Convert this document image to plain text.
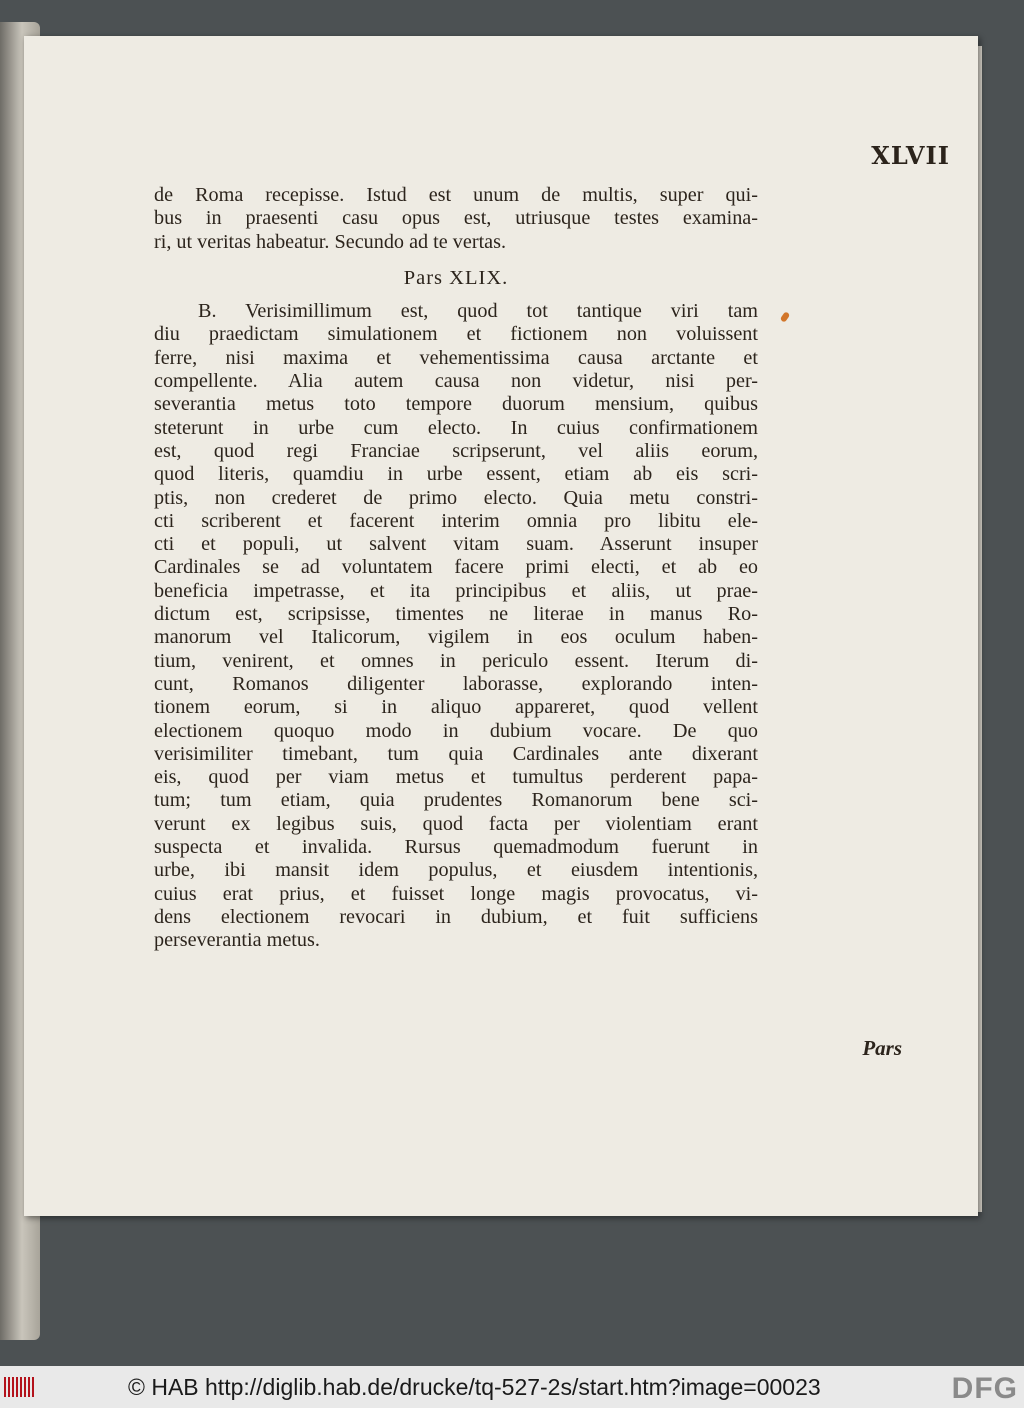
XLVII
de Roma recepisse. Istud est unum de multis, super qui-
bus in praesenti casu opus est, utriusque testes examina-
ri, ut veritas habeatur. Secundo ad te vertas.
Pars XLIX.
B. Verisimillimum est, quod tot tantique viri tam
diu praedictam simulationem et fictionem non voluissent
ferre, nisi maxima et vehementissima causa arctante et
compellente. Alia autem causa non videtur, nisi per-
severantia metus toto tempore duorum mensium, quibus
steterunt in urbe cum electo. In cuius confirmationem
est, quod regi Franciae scripserunt, vel aliis eorum,
quod literis, quamdiu in urbe essent, etiam ab eis scri-
ptis, non crederet de primo electo. Quia metu constri-
cti scriberent et facerent interim omnia pro libitu ele-
cti et populi, ut salvent vitam suam. Asserunt insuper
Cardinales se ad voluntatem facere primi electi, et ab eo
beneficia impetrasse, et ita principibus et aliis, ut prae-
dictum est, scripsisse, timentes ne literae in manus Ro-
manorum vel Italicorum, vigilem in eos oculum haben-
tium, venirent, et omnes in periculo essent. Iterum di-
cunt, Romanos diligenter laborasse, explorando inten-
tionem eorum, si in aliquo appareret, quod vellent
electionem quoquo modo in dubium vocare. De quo
verisimiliter timebant, tum quia Cardinales ante dixerant
eis, quod per viam metus et tumultus perderent papa-
tum; tum etiam, quia prudentes Romanorum bene sci-
verunt ex legibus suis, quod facta per violentiam erant
suspecta et invalida. Rursus quemadmodum fuerunt in
urbe, ibi mansit idem populus, et eiusdem intentionis,
cuius erat prius, et fuisset longe magis provocatus, vi-
dens electionem revocari in dubium, et fuit sufficiens
perseverantia metus.
Pars
© HAB http://diglib.hab.de/drucke/tq-527-2s/start.htm?image=00023	DFG
